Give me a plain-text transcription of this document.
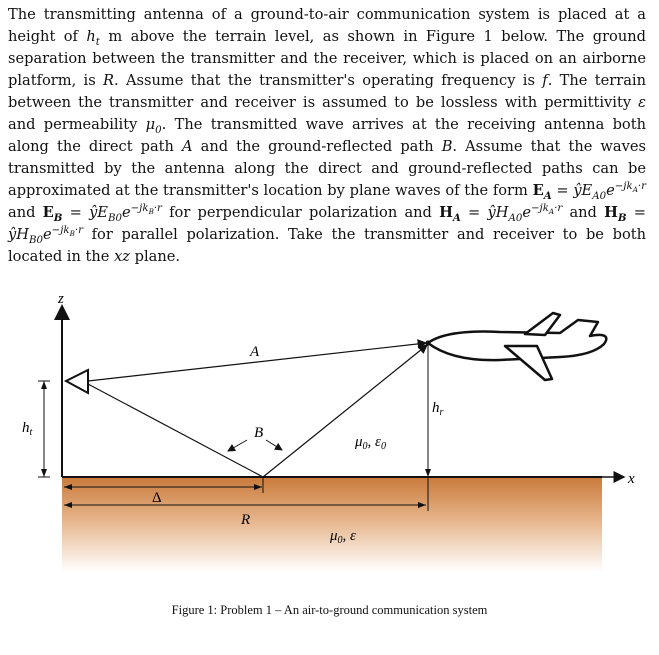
The transmitting antenna of a ground-to-air communication system is placed at a height of $h_t$ m above the terrain level, as shown in Figure 1 below. The ground separation between the transmitter and the receiver, which is placed on an airborne platform, is R. Assume that the transmitter's operating frequency is f. The terrain between the transmitter and receiver is assumed to be lossless with permittivity ε and permeability $\mu_0$. The transmitted wave arrives at the receiving antenna both along the direct path A and the ground-reflected path B. Assume that the waves transmitted by the antenna along the direct and ground-reflected paths can be approximated at the transmitter's location by plane waves of the form $E_A$ = $ŷE_{A0}e^{-jk_A\cdot r}$ and $E_B$ = $ŷE_{B0}e^{-jk_B\cdot r}$ for perpendicular polarization and $H_A$ = $ŷH_{A0}e^{-jk_A\cdot r}$ and $H_B$ = $ŷH_{B0}e^{-jk_B\cdot r}$ for parallel polarization. Take the transmitter and receiver to be both located in the xz plane.

z
x
A
B
$h_t$
$h_r$
$\mu_0$, $\varepsilon_0$
$\mu_0$, ε
Δ
R
Figure 1: Problem 1 – An air-to-ground communication system
